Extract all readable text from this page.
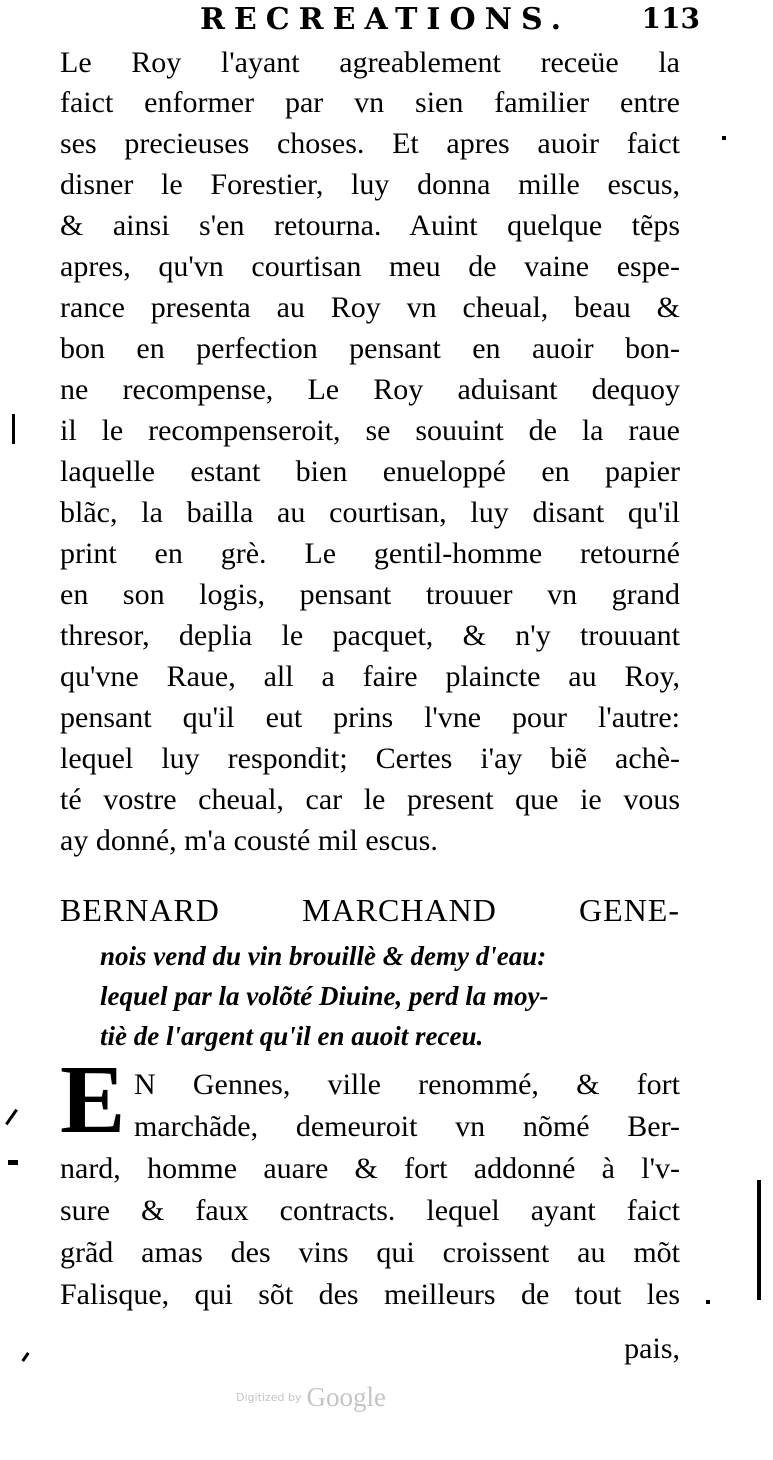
RECREATIONS.	113
Le Roy l'ayant agreablement receüe la
faict enformer par vn sien familier entre
ses precieuses choses. Et apres auoir faict
disner le Forestier, luy donna mille escus,
& ainsi s'en retourna. Auint quelque tẽps
apres, qu'vn courtisan meu de vaine espe-
rance presenta au Roy vn cheual, beau &
bon en perfection pensant en auoir bon-
ne recompense, Le Roy aduisant dequoy
il le recompenseroit, se souuint de la raue
laquelle estant bien enueloppé en papier
blãc, la bailla au courtisan, luy disant qu'il
print en grè. Le gentil-homme retourné
en son logis, pensant trouuer vn grand
thresor, deplia le pacquet, & n'y trouuant
qu'vne Raue, all a faire plaincte au Roy,
pensant qu'il eut prins l'vne pour l'autre:
lequel luy respondit; Certes i'ay biẽ achè-
té vostre cheual, car le present que ie vous
ay donné, m'a cousté mil escus.
BERNARD MARCHAND GENE-
nois vend du vin brouillè & demy d'eau:
lequel par la volõté Diuine, perd la moy-
tiè de l'argent qu'il en auoit receu.
E N Gennes, ville renommé, & fort
marchãde, demeuroit vn nõmé Ber-
nard, homme auare & fort addonné à l'v-
sure & faux contracts. lequel ayant faict
grãd amas des vins qui croissent au mõt
Falisque, qui sõt des meilleurs de tout les
pais,
Digitized by Google
